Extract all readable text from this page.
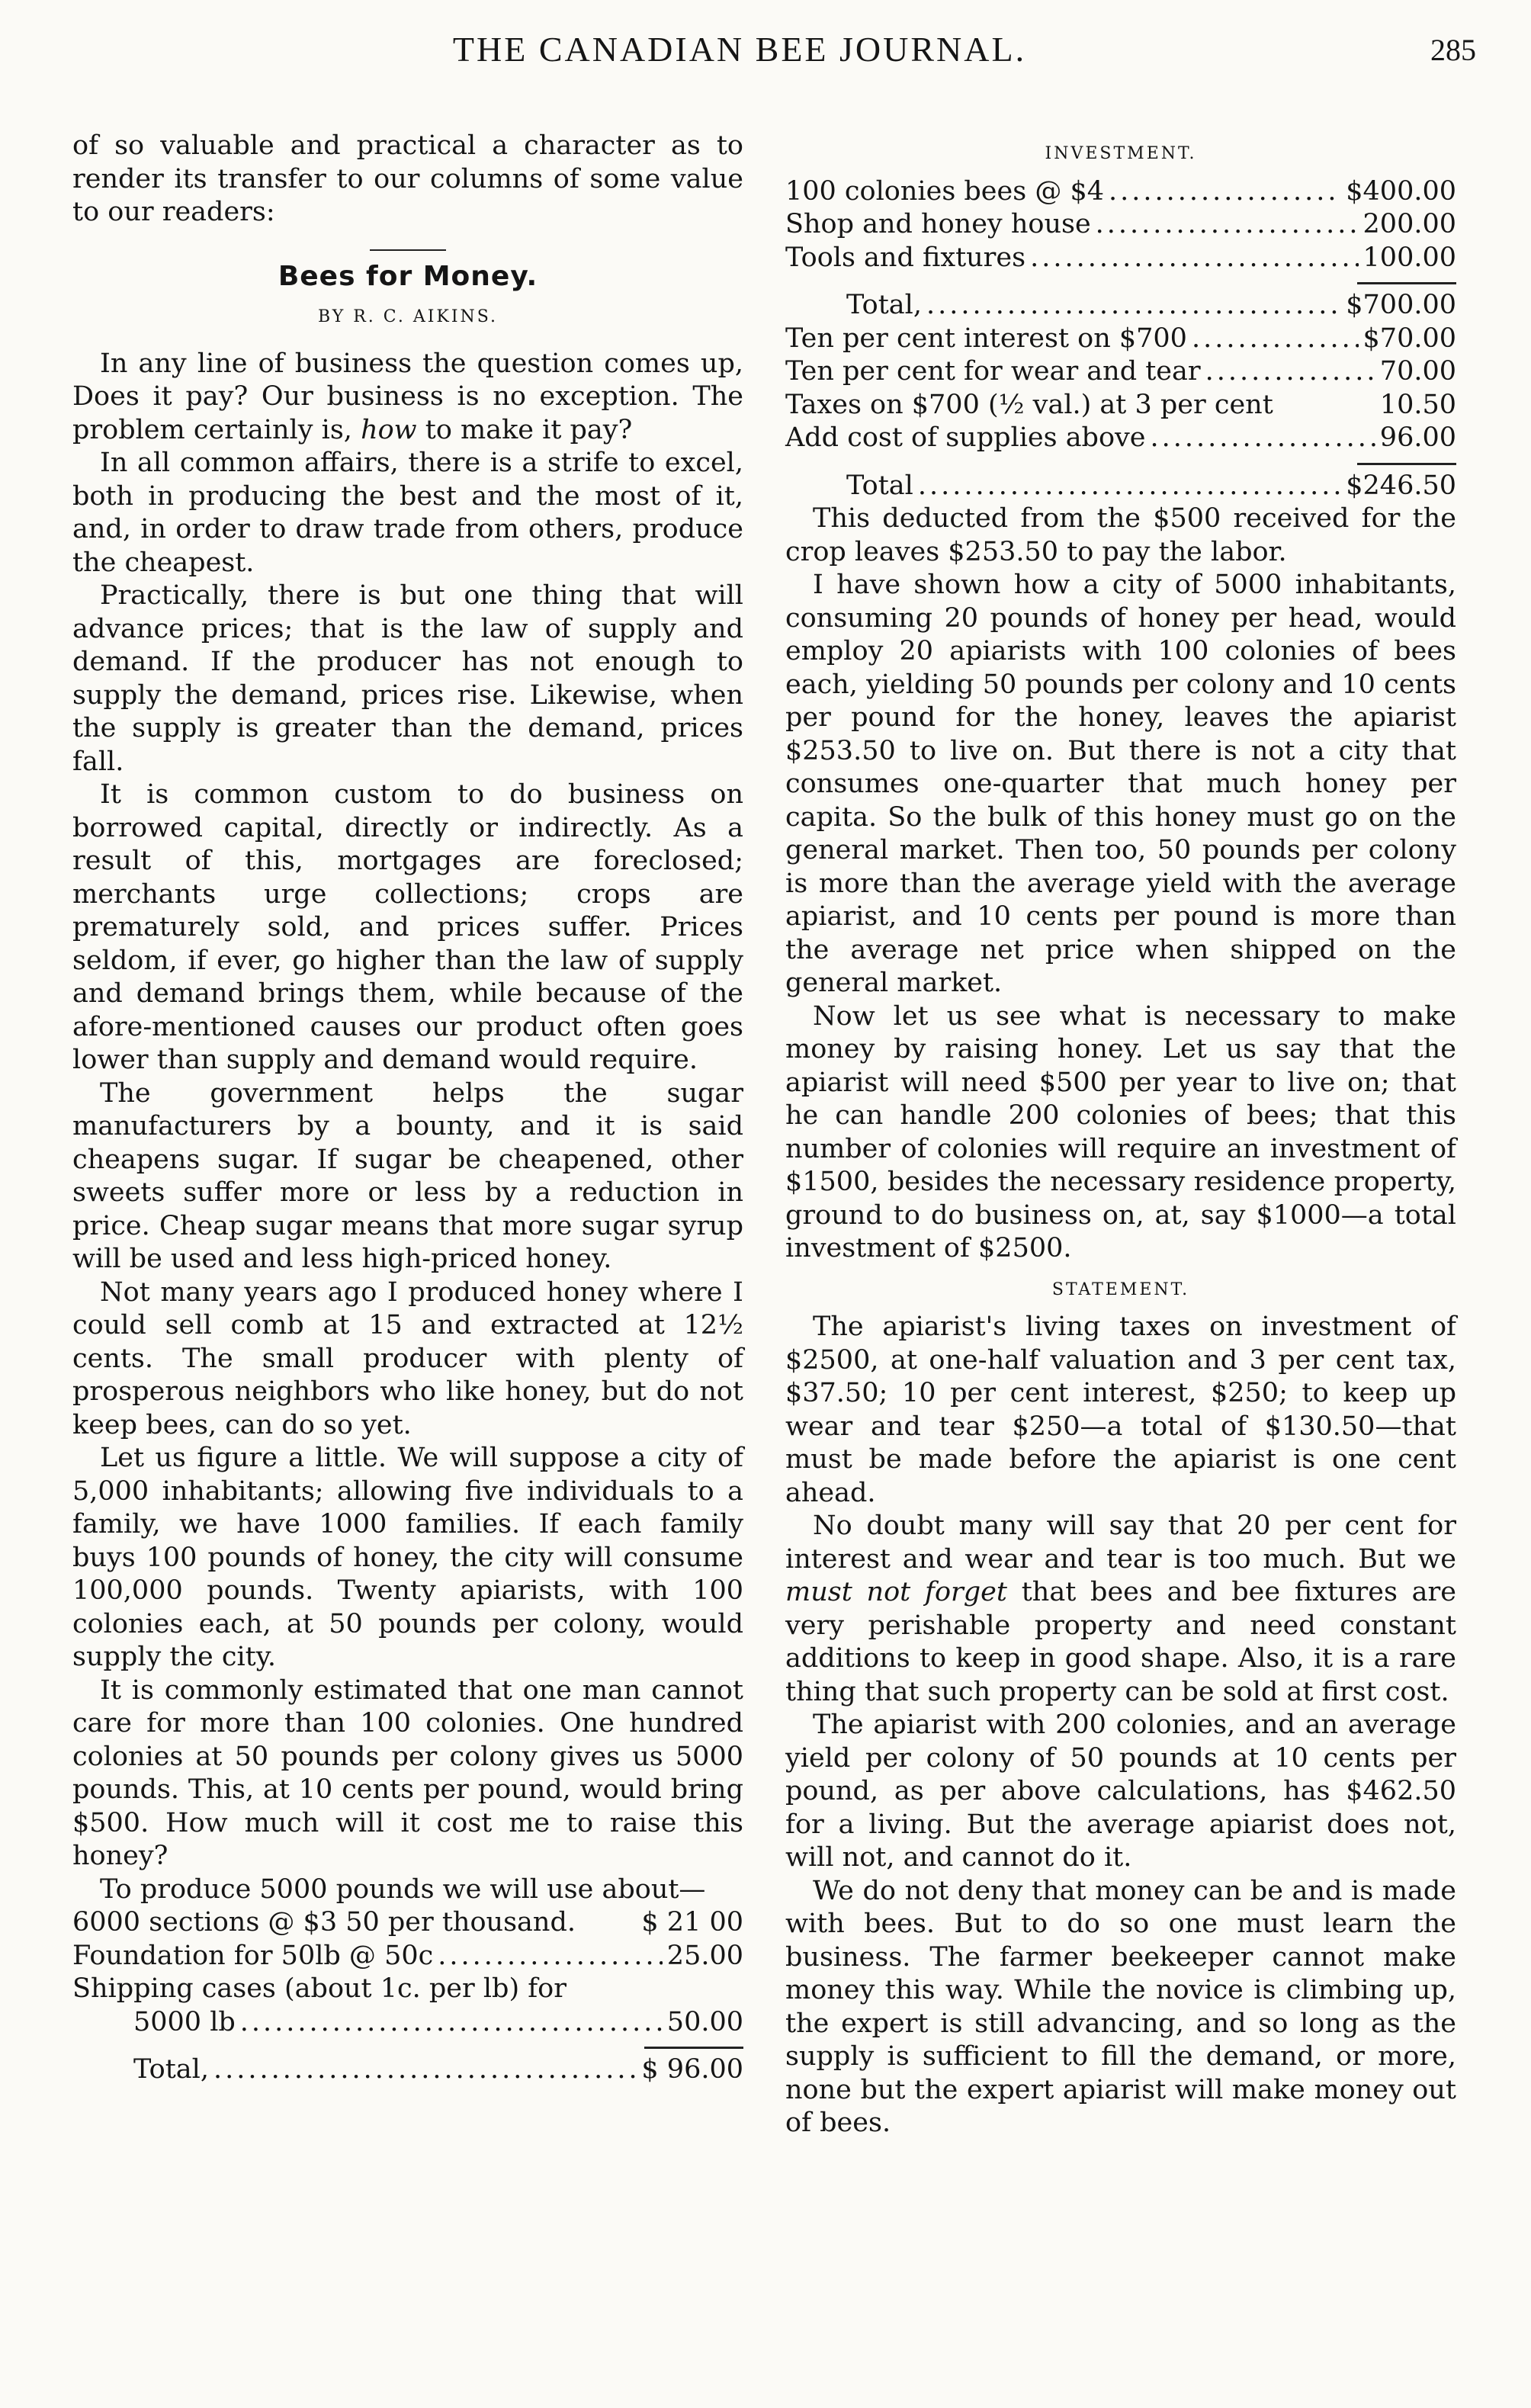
THE CANADIAN BEE JOURNAL.	285

of so valuable and practical a character as to render its transfer to our columns of some value to our readers:

Bees for Money.
BY R. C. AIKINS.

In any line of business the question comes up, Does it pay? Our business is no exception. The problem certainly is, how to make it pay?

In all common affairs, there is a strife to excel, both in producing the best and the most of it, and, in order to draw trade from others, produce the cheapest.

Practically, there is but one thing that will advance prices; that is the law of supply and demand. If the producer has not enough to supply the demand, prices rise. Likewise, when the supply is greater than the demand, prices fall.

It is common custom to do business on borrowed capital, directly or indirectly. As a result of this, mortgages are foreclosed; merchants urge collections; crops are prematurely sold, and prices suffer. Prices seldom, if ever, go higher than the law of supply and demand brings them, while because of the afore-mentioned causes our product often goes lower than supply and demand would require.

The government helps the sugar manufacturers by a bounty, and it is said cheapens sugar. If sugar be cheapened, other sweets suffer more or less by a reduction in price. Cheap sugar means that more sugar syrup will be used and less high-priced honey.

Not many years ago I produced honey where I could sell comb at 15 and extracted at 12½ cents. The small producer with plenty of prosperous neighbors who like honey, but do not keep bees, can do so yet.

Let us figure a little. We will suppose a city of 5,000 inhabitants; allowing five individuals to a family, we have 1000 families. If each family buys 100 pounds of honey, the city will consume 100,000 pounds. Twenty apiarists, with 100 colonies each, at 50 pounds per colony, would supply the city.

It is commonly estimated that one man cannot care for more than 100 colonies. One hundred colonies at 50 pounds per colony gives us 5000 pounds. This, at 10 cents per pound, would bring $500. How much will it cost me to raise this honey?

To produce 5000 pounds we will use about—

6000 sections @ $3 50 per thousand. $ 21 00
Foundation for 50lb @ 50c .....	25.00
Shipping cases (about 1c. per lb) for
5000 lb .....	50.00
Total, .....	$ 96.00
INVESTMENT.
100 colonies bees @ $4 .....	$400.00
Shop and honey house .....	200.00
Tools and fixtures .....	100.00
Total, .....	$700.00
Ten per cent interest on $700 .....	$70.00
Ten per cent for wear and tear .....	70.00
Taxes on $700 (½ val.) at 3 per cent	10.50
Add cost of supplies above .....	96.00
Total .....	$246.50

This deducted from the $500 received for the crop leaves $253.50 to pay the labor.

I have shown how a city of 5000 inhabitants, consuming 20 pounds of honey per head, would employ 20 apiarists with 100 colonies of bees each, yielding 50 pounds per colony and 10 cents per pound for the honey, leaves the apiarist $253.50 to live on. But there is not a city that consumes one-quarter that much honey per capita. So the bulk of this honey must go on the general market. Then too, 50 pounds per colony is more than the average yield with the average apiarist, and 10 cents per pound is more than the average net price when shipped on the general market.

Now let us see what is necessary to make money by raising honey. Let us say that the apiarist will need $500 per year to live on; that he can handle 200 colonies of bees; that this number of colonies will require an investment of $1500, besides the necessary residence property, ground to do business on, at, say $1000—a total investment of $2500.

STATEMENT.

The apiarist's living taxes on investment of $2500, at one-half valuation and 3 per cent tax, $37.50; 10 per cent interest, $250; to keep up wear and tear $250—a total of $130.50—that must be made before the apiarist is one cent ahead.

No doubt many will say that 20 per cent for interest and wear and tear is too much. But we must not forget that bees and bee fixtures are very perishable property and need constant additions to keep in good shape. Also, it is a rare thing that such property can be sold at first cost.

The apiarist with 200 colonies, and an average yield per colony of 50 pounds at 10 cents per pound, as per above calculations, has $462.50 for a living. But the average apiarist does not, will not, and cannot do it.

We do not deny that money can be and is made with bees. But to do so one must learn the business. The farmer beekeeper cannot make money this way. While the novice is climbing up, the expert is still advancing, and so long as the supply is sufficient to fill the demand, or more, none but the expert apiarist will make money out of bees.
